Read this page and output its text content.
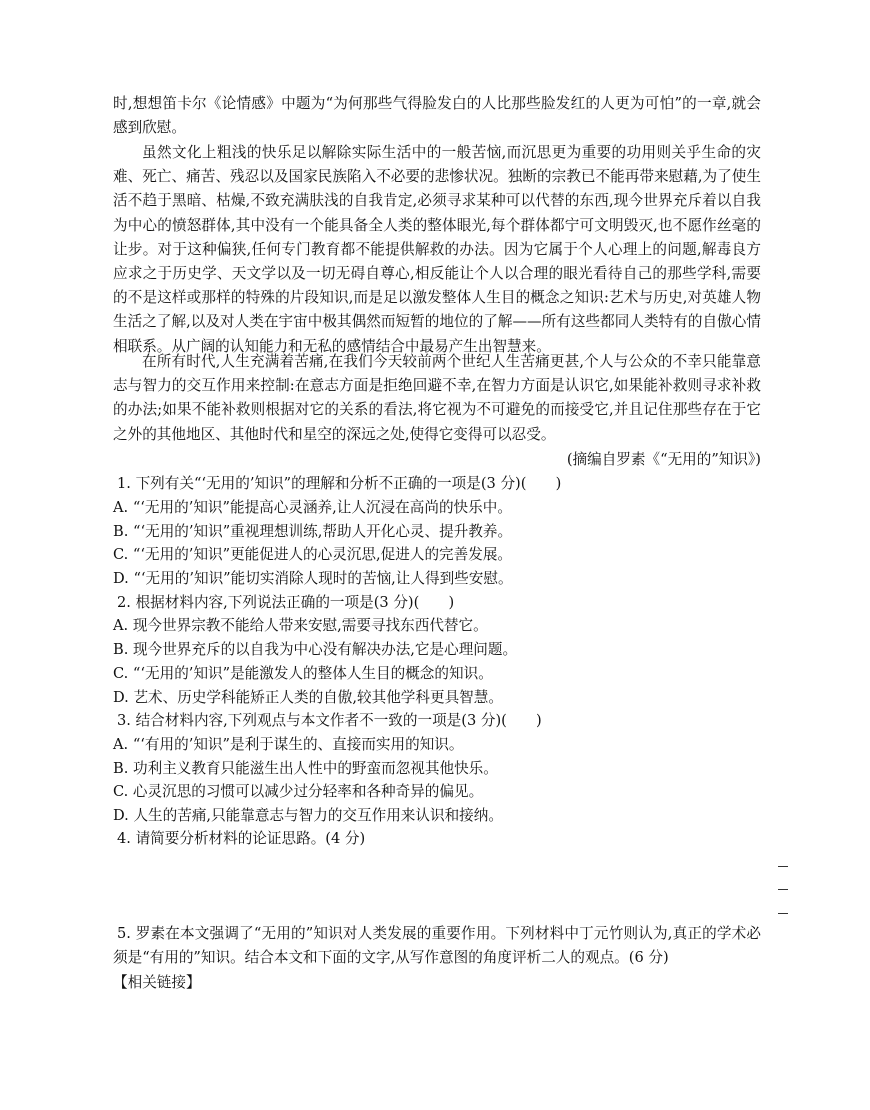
时,想想笛卡尔《论情感》中题为“为何那些气得脸发白的人比那些脸发红的人更为可怕”的一章,就会感到欣慰。

虽然文化上粗浅的快乐足以解除实际生活中的一般苦恼,而沉思更为重要的功用则关乎生命的灾难、死亡、痛苦、残忍以及国家民族陷入不必要的悲惨状况。独断的宗教已不能再带来慰藉,为了使生活不趋于黑暗、枯燥,不致充满肤浅的自我肯定,必须寻求某种可以代替的东西,现今世界充斥着以自我为中心的愤怒群体,其中没有一个能具备全人类的整体眼光,每个群体都宁可文明毁灭,也不愿作丝毫的让步。对于这种偏狭,任何专门教育都不能提供解救的办法。因为它属于个人心理上的问题,解毒良方应求之于历史学、天文学以及一切无碍自尊心,相反能让个人以合理的眼光看待自己的那些学科,需要的不是这样或那样的特殊的片段知识,而是足以激发整体人生目的概念之知识:艺术与历史,对英雄人物生活之了解,以及对人类在宇宙中极其偶然而短暂的地位的了解——所有这些都同人类特有的自傲心情相联系。从广阔的认知能力和无私的感情结合中最易产生出智慧来。

在所有时代,人生充满着苦痛,在我们今天较前两个世纪人生苦痛更甚,个人与公众的不幸只能靠意志与智力的交互作用来控制:在意志方面是拒绝回避不幸,在智力方面是认识它,如果能补救则寻求补救的办法;如果不能补救则根据对它的关系的看法,将它视为不可避免的而接受它,并且记住那些存在于它之外的其他地区、其他时代和星空的深远之处,使得它变得可以忍受。

(摘编自罗素《“无用的”知识》)

1. 下列有关“‘无用的’知识”的理解和分析不正确的一项是(3 分)(　　)

A. “‘无用的’知识”能提高心灵涵养,让人沉浸在高尚的快乐中。

B. “‘无用的’知识”重视理想训练,帮助人开化心灵、提升教养。

C. “‘无用的’知识”更能促进人的心灵沉思,促进人的完善发展。

D. “‘无用的’知识”能切实消除人现时的苦恼,让人得到些安慰。

2. 根据材料内容,下列说法正确的一项是(3 分)(　　)

A. 现今世界宗教不能给人带来安慰,需要寻找东西代替它。

B. 现今世界充斥的以自我为中心没有解决办法,它是心理问题。

C. “‘无用的’知识”是能激发人的整体人生目的概念的知识。

D. 艺术、历史学科能矫正人类的自傲,较其他学科更具智慧。

3. 结合材料内容,下列观点与本文作者不一致的一项是(3 分)(　　)

A. “‘有用的’知识”是利于谋生的、直接而实用的知识。

B. 功利主义教育只能滋生出人性中的野蛮而忽视其他快乐。

C. 心灵沉思的习惯可以减少过分轻率和各种奇异的偏见。

D. 人生的苦痛,只能靠意志与智力的交互作用来认识和接纳。

4. 请简要分析材料的论证思路。(4 分)

5. 罗素在本文强调了“无用的”知识对人类发展的重要作用。下列材料中丁元竹则认为,真正的学术必须是“有用的”知识。结合本文和下面的文字,从写作意图的角度评析二人的观点。(6 分)

【相关链接】
